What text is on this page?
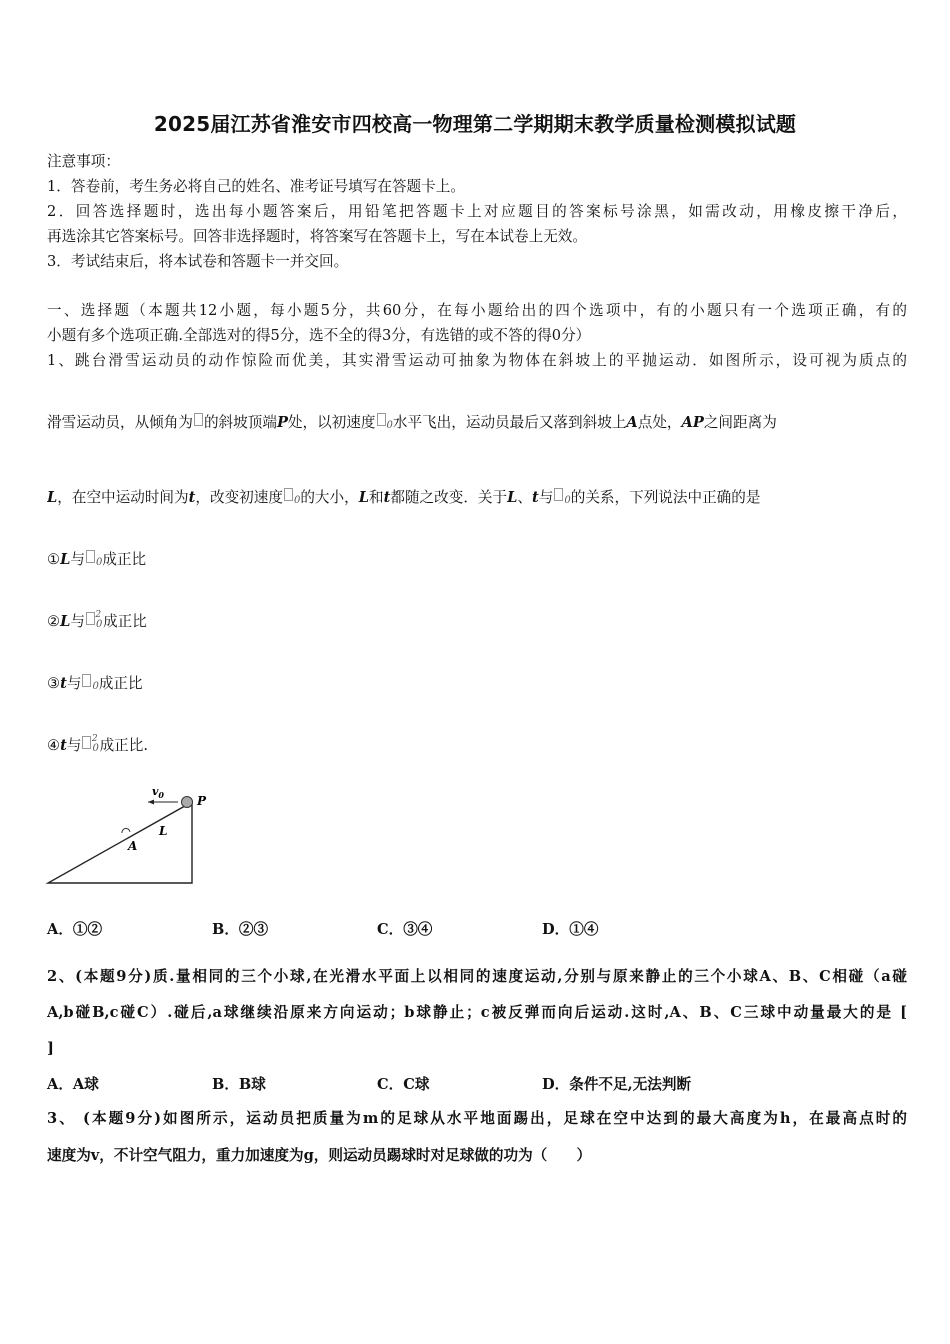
2025届江苏省淮安市四校高一物理第二学期期末教学质量检测模拟试题
注意事项：
1．答卷前，考生务必将自己的姓名、准考证号填写在答题卡上。
2．回答选择题时，选出每小题答案后，用铅笔把答题卡上对应题目的答案标号涂黑，如需改动，用橡皮擦干净后，
再选涂其它答案标号。回答非选择题时，将答案写在答题卡上，写在本试卷上无效。
3．考试结束后，将本试卷和答题卡一并交回。
一、选择题（本题共12小题，每小题5分，共60分，在每小题给出的四个选项中，有的小题只有一个选项正确，有的
小题有多个选项正确.全部选对的得5分，选不全的得3分，有选错的或不答的得0分）
1、跳台滑雪运动员的动作惊险而优美，其实滑雪运动可抽象为物体在斜坡上的平抛运动．如图所示，设可视为质点的
滑雪运动员，从倾角为 的斜坡顶端P处，以初速度 0水平飞出，运动员最后又落到斜坡上A点处，AP之间距离为
L，在空中运动时间为t，改变初速度 0的大小，L和t都随之改变．关于L、t与 0的关系，下列说法中正确的是
①L与 0成正比
②L与 $0^2$ 成正比
③t与 0成正比
④t与 $0^2$ 成正比.
$v_0$	P
L
A
A．①②	B．②③	C．③④	D．①④
2、(本题9分)质.量相同的三个小球,在光滑水平面上以相同的速度运动,分别与原来静止的三个小球A、B、C相碰（a碰
A,b碰B,c碰C）.碰后,a球继续沿原来方向运动；b球静止；c被反弹而向后运动.这时,A、B、C三球中动量最大的是 [
]
A．A球	B．B球	C．C球	D．条件不足,无法判断
3、 (本题9分)如图所示，运动员把质量为m的足球从水平地面踢出，足球在空中达到的最大高度为h，在最高点时的
速度为v，不计空气阻力，重力加速度为g，则运动员踢球时对足球做的功为（　　）
